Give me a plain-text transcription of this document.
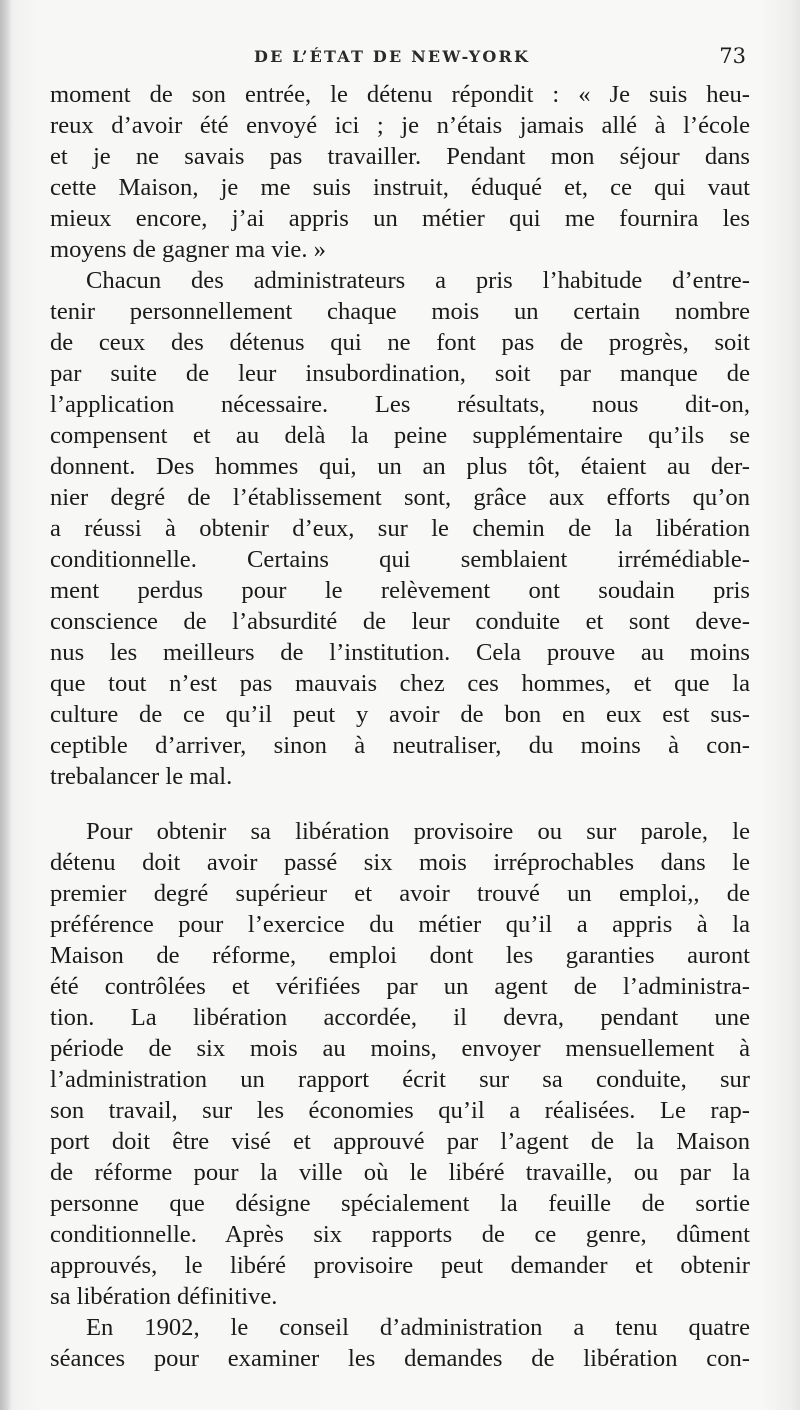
DE L’ÉTAT DE NEW-YORK	73
moment de son entrée, le détenu répondit : « Je suis heu-
reux d’avoir été envoyé ici ; je n’étais jamais allé à l’école
et je ne savais pas travailler. Pendant mon séjour dans
cette Maison, je me suis instruit, éduqué et, ce qui vaut
mieux encore, j’ai appris un métier qui me fournira les
moyens de gagner ma vie. »
Chacun des administrateurs a pris l’habitude d’entre-
tenir personnellement chaque mois un certain nombre
de ceux des détenus qui ne font pas de progrès, soit
par suite de leur insubordination, soit par manque de
l’application nécessaire. Les résultats, nous dit-on,
compensent et au delà la peine supplémentaire qu’ils se
donnent. Des hommes qui, un an plus tôt, étaient au der-
nier degré de l’établissement sont, grâce aux efforts qu’on
a réussi à obtenir d’eux, sur le chemin de la libération
conditionnelle. Certains qui semblaient irrémédiable-
ment perdus pour le relèvement ont soudain pris
conscience de l’absurdité de leur conduite et sont deve-
nus les meilleurs de l’institution. Cela prouve au moins
que tout n’est pas mauvais chez ces hommes, et que la
culture de ce qu’il peut y avoir de bon en eux est sus-
ceptible d’arriver, sinon à neutraliser, du moins à con-
trebalancer le mal.
Pour obtenir sa libération provisoire ou sur parole, le
détenu doit avoir passé six mois irréprochables dans le
premier degré supérieur et avoir trouvé un emploi,, de
préférence pour l’exercice du métier qu’il a appris à la
Maison de réforme, emploi dont les garanties auront
été contrôlées et vérifiées par un agent de l’administra-
tion. La libération accordée, il devra, pendant une
période de six mois au moins, envoyer mensuellement à
l’administration un rapport écrit sur sa conduite, sur
son travail, sur les économies qu’il a réalisées. Le rap-
port doit être visé et approuvé par l’agent de la Maison
de réforme pour la ville où le libéré travaille, ou par la
personne que désigne spécialement la feuille de sortie
conditionnelle. Après six rapports de ce genre, dûment
approuvés, le libéré provisoire peut demander et obtenir
sa libération définitive.
En 1902, le conseil d’administration a tenu quatre
séances pour examiner les demandes de libération con-
